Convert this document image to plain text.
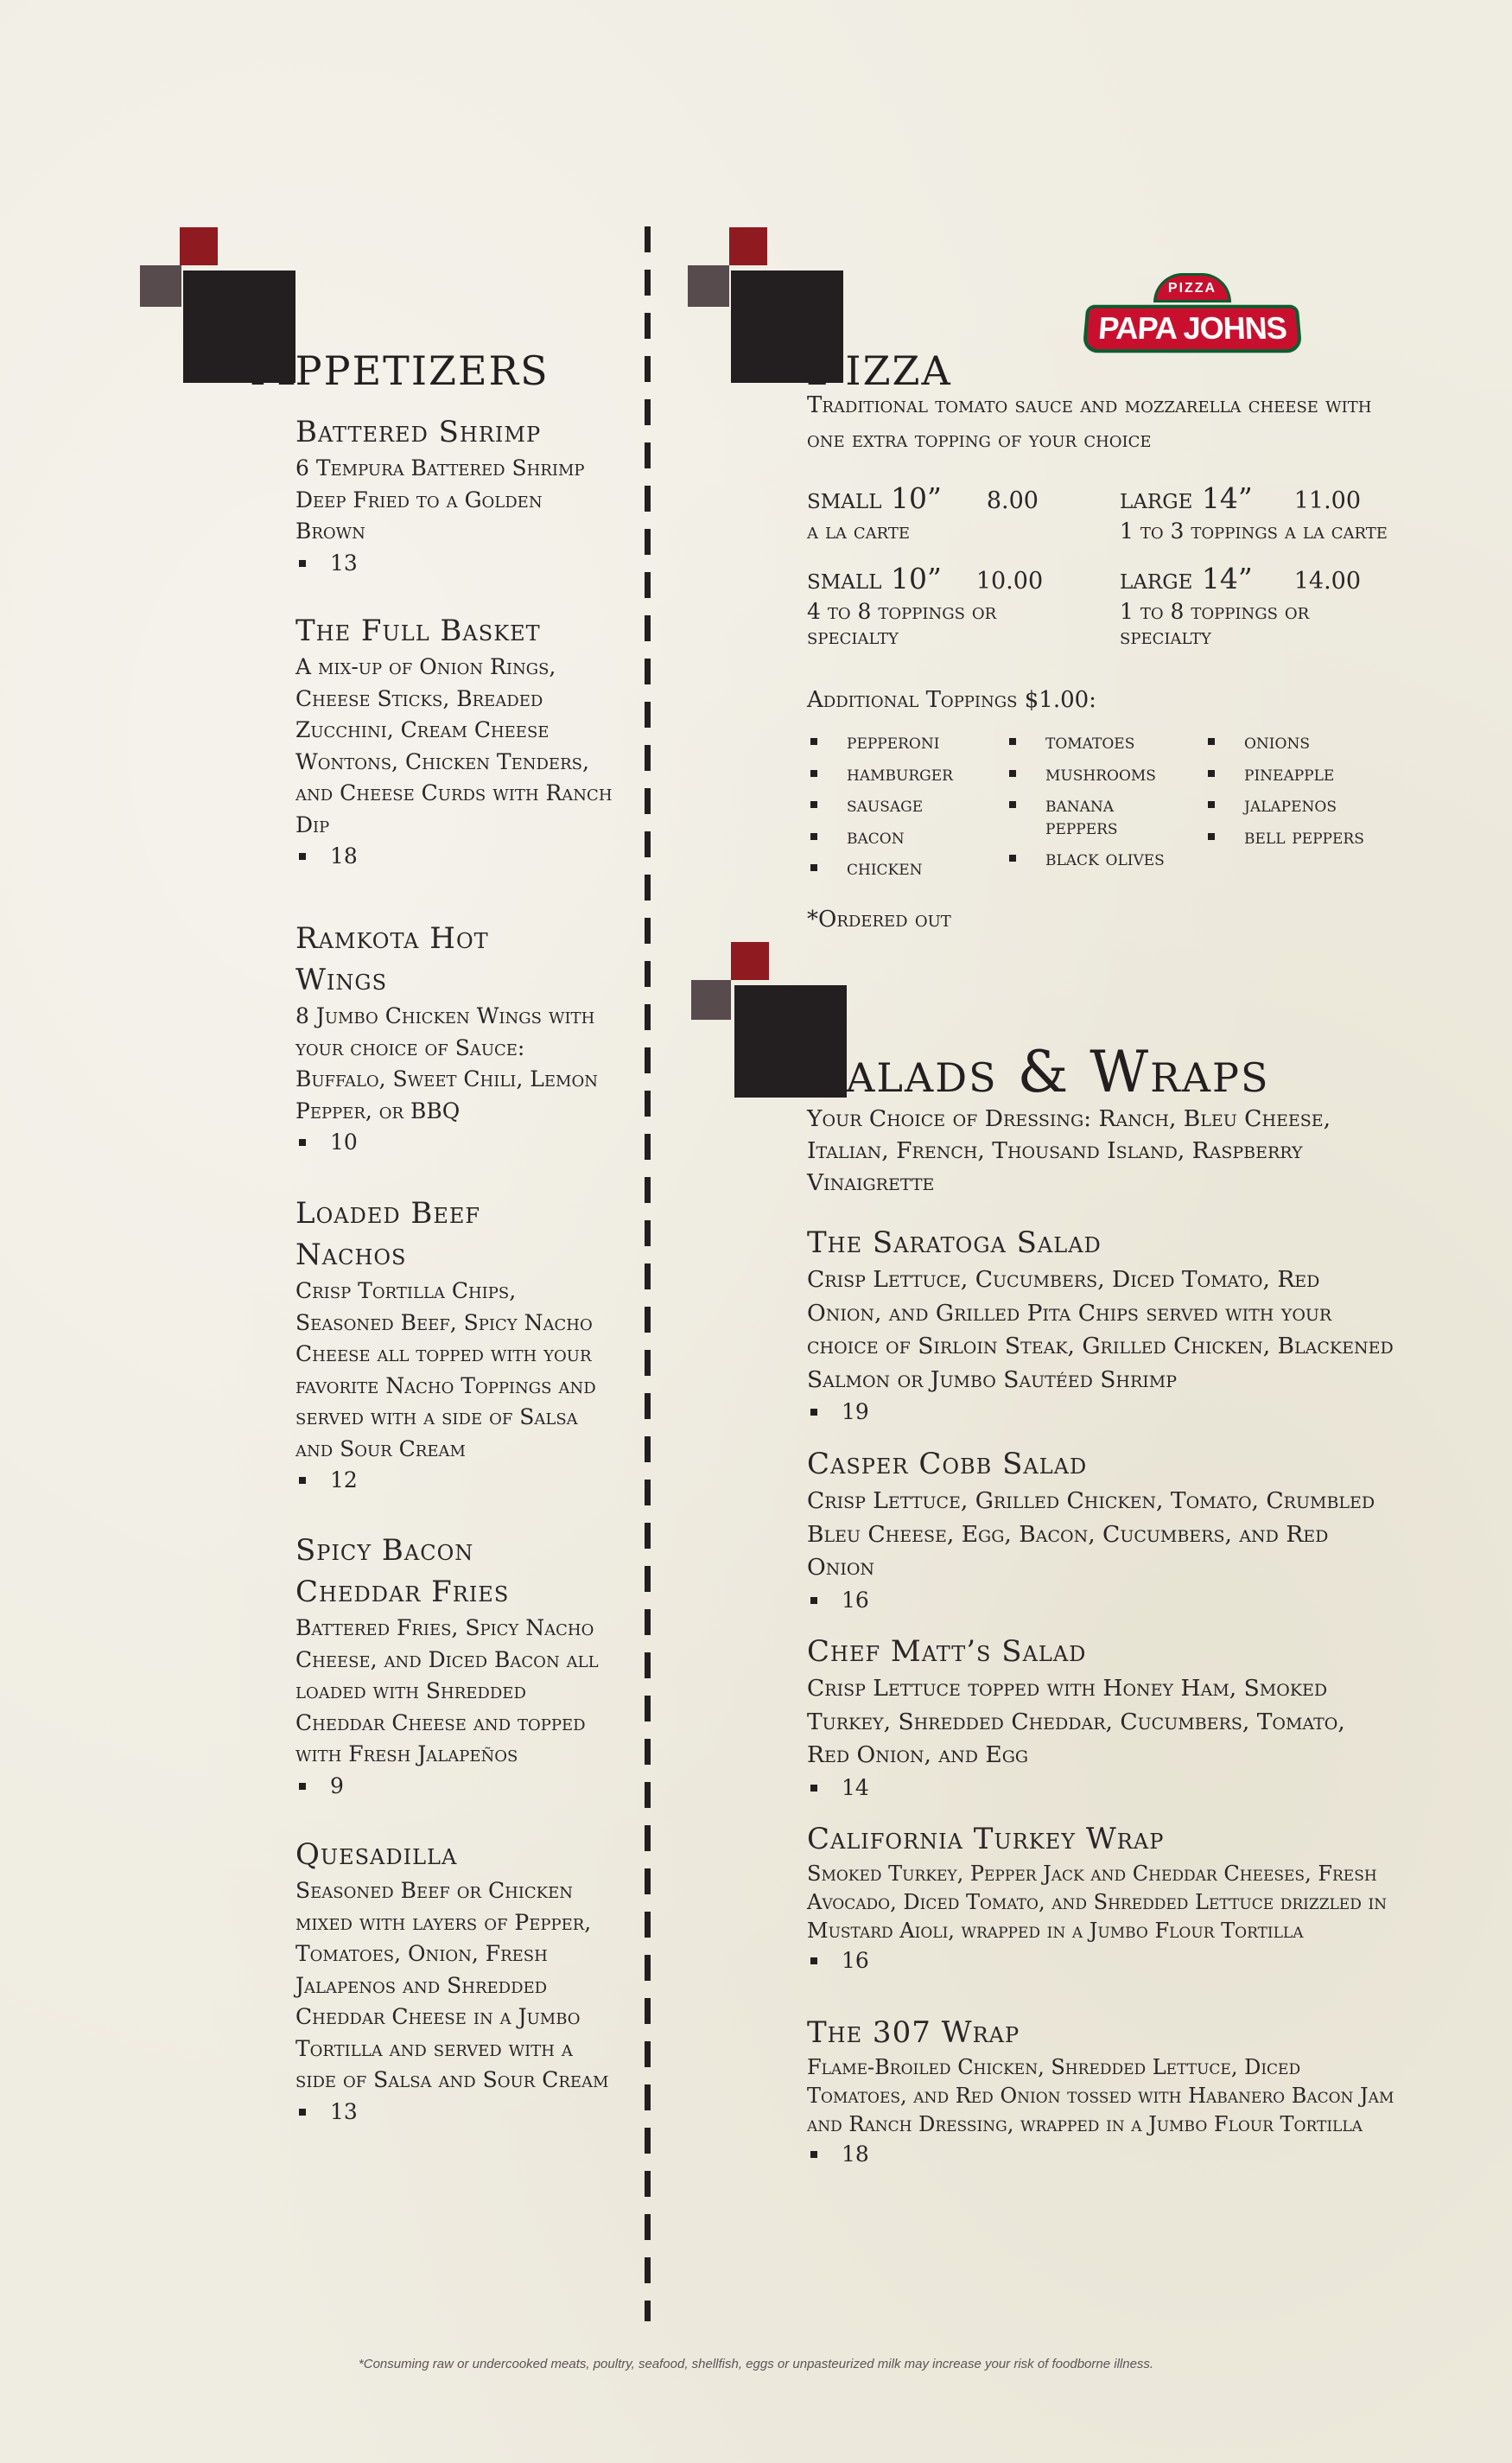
Appetizers
Battered Shrimp
6 Tempura Battered Shrimp Deep Fried to a Golden Brown
13
The Full Basket
A mix-up of Onion Rings, Cheese Sticks, Breaded Zucchini, Cream Cheese Wontons, Chicken Tenders, and Cheese Curds with Ranch Dip
18
Ramkota Hot Wings
8 Jumbo Chicken Wings with your choice of Sauce: Buffalo, Sweet Chili, Lemon Pepper, or BBQ
10
Loaded Beef Nachos
Crisp Tortilla Chips, Seasoned Beef, Spicy Nacho Cheese all topped with your favorite Nacho Toppings and served with a side of Salsa and Sour Cream
12
Spicy Bacon Cheddar Fries
Battered Fries, Spicy Nacho Cheese, and Diced Bacon all loaded with Shredded Cheddar Cheese and topped with Fresh Jalapeños
9
Quesadilla
Seasoned Beef or Chicken mixed with layers of Pepper, Tomatoes, Onion, Fresh Jalapenos and Shredded Cheddar Cheese in a Jumbo Tortilla and served with a side of Salsa and Sour Cream
13
Pizza
PIZZA
PAPA JOHNS
Traditional tomato sauce and mozzarella cheese with one extra topping of your choice
small 10” 8.00
a la carte
large 14” 11.00
1 to 3 toppings a la carte
small 10” 10.00
4 to 8 toppings or specialty
large 14” 14.00
1 to 8 toppings or specialty
Additional Toppings $1.00:
pepperoni
hamburger
sausage
bacon
chicken
tomatoes
mushrooms
banana peppers
black olives
onions
pineapple
jalapenos
bell peppers
*Ordered out
Salads & Wraps
Your Choice of Dressing: Ranch, Bleu Cheese, Italian, French, Thousand Island, Raspberry Vinaigrette
The Saratoga Salad
Crisp Lettuce, Cucumbers, Diced Tomato, Red Onion, and Grilled Pita Chips served with your choice of Sirloin Steak, Grilled Chicken, Blackened Salmon or Jumbo Sautéed Shrimp
19
Casper Cobb Salad
Crisp Lettuce, Grilled Chicken, Tomato, Crumbled Bleu Cheese, Egg, Bacon, Cucumbers, and Red Onion
16
Chef Matt’s Salad
Crisp Lettuce topped with Honey Ham, Smoked Turkey, Shredded Cheddar, Cucumbers, Tomato, Red Onion, and Egg
14
California Turkey Wrap
Smoked Turkey, Pepper Jack and Cheddar Cheeses, Fresh Avocado, Diced Tomato, and Shredded Lettuce drizzled in Mustard Aioli, wrapped in a Jumbo Flour Tortilla
16
The 307 Wrap
Flame-Broiled Chicken, Shredded Lettuce, Diced Tomatoes, and Red Onion tossed with Habanero Bacon Jam and Ranch Dressing, wrapped in a Jumbo Flour Tortilla
18
*Consuming raw or undercooked meats, poultry, seafood, shellfish, eggs or unpasteurized milk may increase your risk of foodborne illness.
